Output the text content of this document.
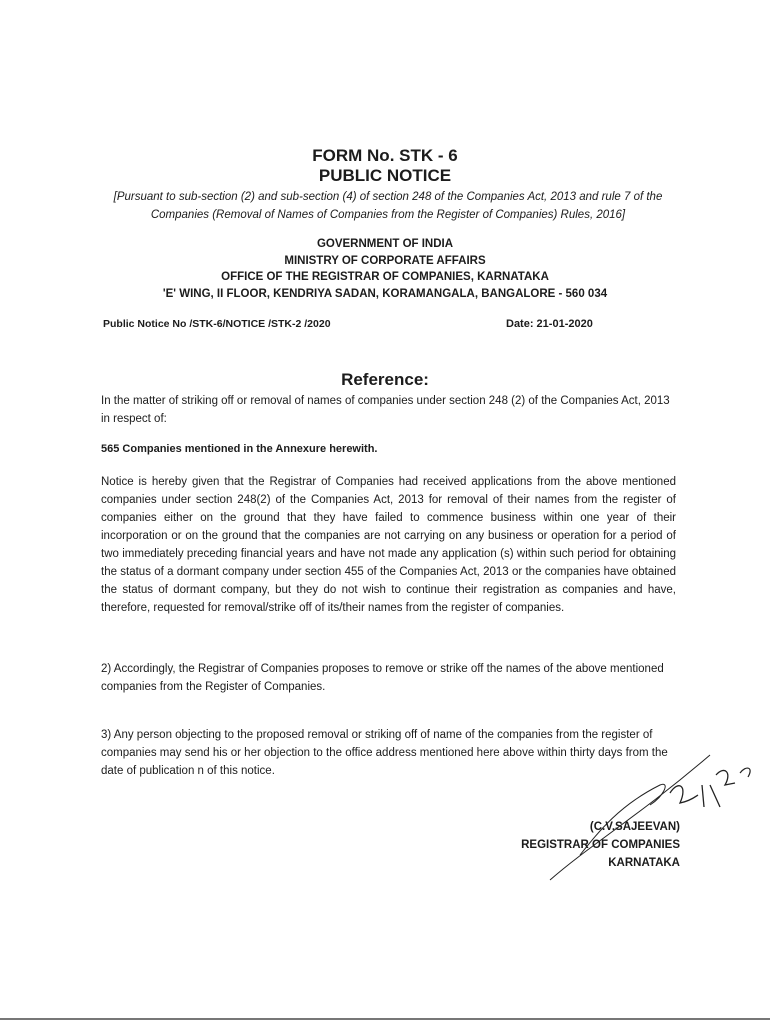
FORM No. STK - 6
PUBLIC NOTICE
[Pursuant to sub-section (2) and sub-section (4) of section 248 of the Companies Act, 2013 and rule 7 of the Companies (Removal of Names of Companies from the Register of Companies) Rules, 2016]
GOVERNMENT OF INDIA
MINISTRY OF CORPORATE AFFAIRS
OFFICE OF THE REGISTRAR OF COMPANIES, KARNATAKA
'E' WING, II FLOOR, KENDRIYA SADAN, KORAMANGALA, BANGALORE - 560 034
Public Notice No /STK-6/NOTICE /STK-2 /2020	Date: 21-01-2020
Reference:
In the matter of striking off or removal of names of companies under section 248 (2) of the Companies Act, 2013 in respect of:
565 Companies mentioned in the Annexure herewith.
Notice is hereby given that the Registrar of Companies had received applications from the above mentioned companies under section 248(2) of the Companies Act, 2013 for removal of their names from the register of companies either on the ground that they have failed to commence business within one year of their incorporation or on the ground that the companies are not carrying on any business or operation for a period of two immediately preceding financial years and have not made any application (s) within such period for obtaining the status of a dormant company under section 455 of the Companies Act, 2013 or the companies have obtained the status of dormant company, but they do not wish to continue their registration as companies and have, therefore, requested for removal/strike off of its/their names from the register of companies.
2) Accordingly, the Registrar of Companies proposes to remove or strike off the names of the above mentioned companies from the Register of Companies.
3) Any person objecting to the proposed removal or striking off of name of the companies from the register of companies may send his or her objection to the office address mentioned here above within thirty days from the date of publication n of this notice.
(C.V.SAJEEVAN)
REGISTRAR OF COMPANIES
KARNATAKA
